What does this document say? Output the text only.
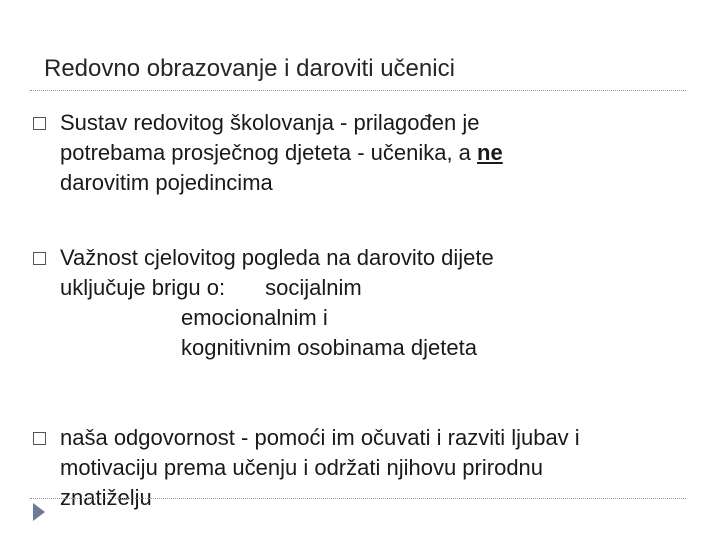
Redovno obrazovanje i daroviti učenici
Sustav redovitog školovanja - prilagođen je
potrebama prosječnog djeteta - učenika, a ne
darovitim pojedincima
Važnost cjelovitog pogleda na darovito dijete
uključuje brigu o: socijalnim
emocionalnim i
kognitivnim osobinama djeteta
naša odgovornost - pomoći im očuvati i razviti ljubav i
motivaciju prema učenju i održati njihovu prirodnu
znatiželju
